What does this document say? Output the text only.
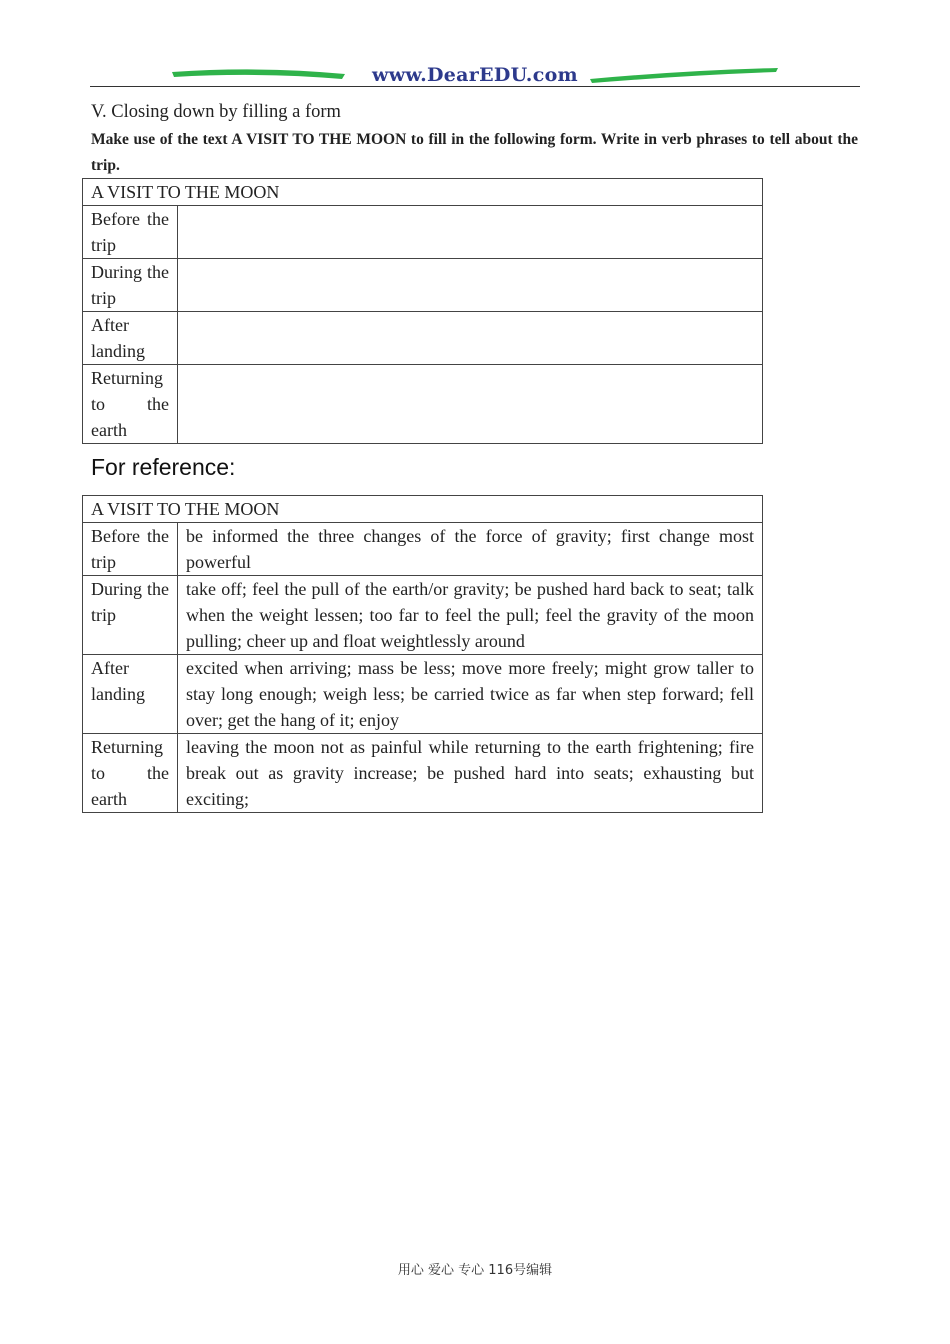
www.DearEDU.com
V. Closing down by filling a form
Make use of the text A VISIT TO THE MOON to fill in the following form. Write in verb phrases to tell about the trip.
A VISIT TO THE MOON	
Before the trip	
During the trip	
After landing	
Returning to the earth	
For reference:
A VISIT TO THE MOON	
Before the trip	be informed the three changes of the force of gravity; first change most powerful
During the trip	take off; feel the pull of the earth/or gravity; be pushed hard back to seat; talk when the weight lessen; too far to feel the pull; feel the gravity of the moon pulling; cheer up and float weightlessly around
After landing	excited when arriving; mass be less; move more freely; might grow taller to stay long enough; weigh less; be carried twice as far when step forward; fell over; get the hang of it; enjoy
Returning to the earth	leaving the moon not as painful while returning to the earth frightening; fire break out as gravity increase; be pushed hard into seats; exhausting but exciting;
用心 爱心 专心 116号编辑
